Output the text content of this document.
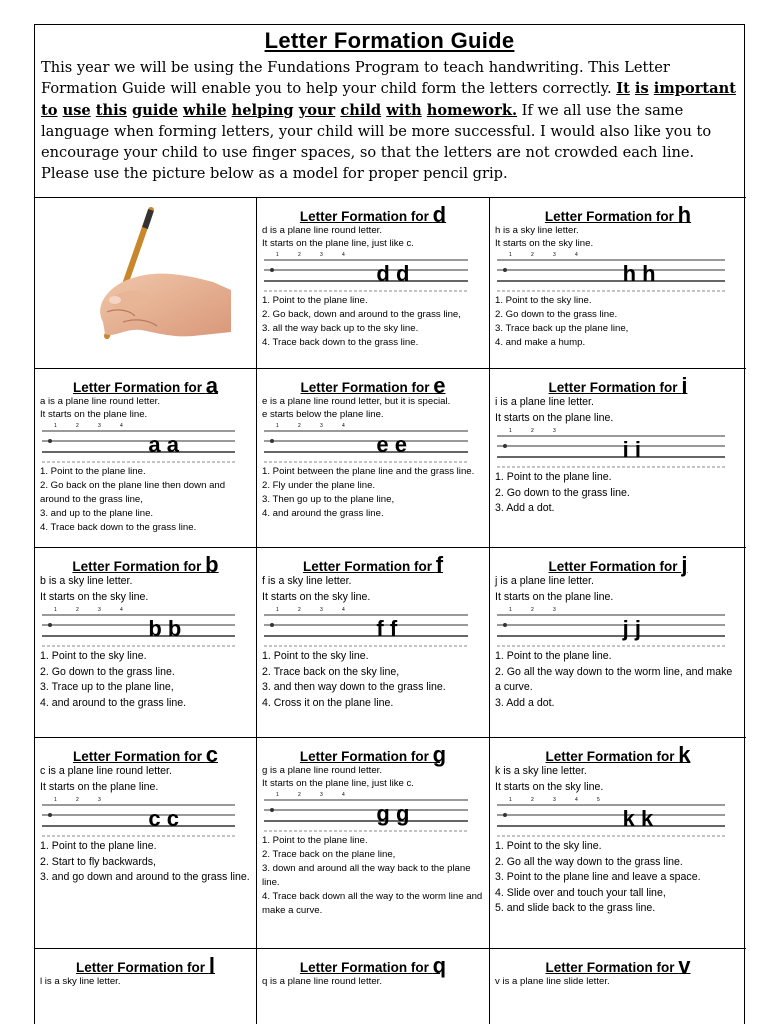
Letter Formation Guide
This year we will be using the Fundations Program to teach handwriting. This Letter Formation Guide will enable you to help your child form the letters correctly. It is important to use this guide while helping your child with homework. If we all use the same language when forming letters, your child will be more successful. I would also like you to encourage your child to use finger spaces, so that the letters are not crowded each line. Please use the picture below as a model for proper pencil grip.
Letter Formation for d
d is a plane line round letter.
It starts on the plane line, just like c.
1	2	3	4
d d
1. Point to the plane line.
2. Go back, down and around to the grass line,
3. all the way back up to the sky line.
4. Trace back down to the grass line.
Letter Formation for h
h is a sky line letter.
It starts on the sky line.
1	2	3	4
h h
1. Point to the sky line.
2. Go down to the grass line.
3. Trace back up the plane line,
4. and make a hump.
Letter Formation for a
a is a plane line round letter.
It starts on the plane line.
1	2	3	4
a a
1. Point to the plane line.
2. Go back on the plane line then down and around to the grass line,
3. and up to the plane line.
4. Trace back down to the grass line.
Letter Formation for e
e is a plane line round letter, but it is special.
e starts below the plane line.
1	2	3	4
e e
1. Point between the plane line and the grass line.
2. Fly under the plane line.
3. Then go up to the plane line,
4. and around the grass line.
Letter Formation for i
i is a plane line letter.
It starts on the plane line.
1	2	3
i i
1. Point to the plane line.
2. Go down to the grass line.
3. Add a dot.
Letter Formation for b
b is a sky line letter.
It starts on the sky line.
1	2	3	4
b b
1. Point to the sky line.
2. Go down to the grass line.
3. Trace up to the plane line,
4. and around to the grass line.
Letter Formation for f
f is a sky line letter.
It starts on the sky line.
1	2	3	4
f f
1. Point to the sky line.
2. Trace back on the sky line,
3. and then way down to the grass line.
4. Cross it on the plane line.
Letter Formation for j
j is a plane line letter.
It starts on the plane line.
1	2	3
j j
1. Point to the plane line.
2. Go all the way down to the worm line, and make a curve.
3. Add a dot.
Letter Formation for c
c is a plane line round letter.
It starts on the plane line.
1	2	3
c c
1. Point to the plane line.
2. Start to fly backwards,
3. and go down and around to the grass line.
Letter Formation for g
g is a plane line round letter.
It starts on the plane line, just like c.
1	2	3	4
g g
1. Point to the plane line.
2. Trace back on the plane line,
3. down and around all the way back to the plane line.
4. Trace back down all the way to the worm line and make a curve.
Letter Formation for k
k is a sky line letter.
It starts on the sky line.
1	2	3	4	5
k k
1. Point to the sky line.
2. Go all the way down to the grass line.
3. Point to the plane line and leave a space.
4. Slide over and touch your tall line,
5. and slide back to the grass line.
Letter Formation for l
l is a sky line letter.
Letter Formation for q
q is a plane line round letter.
Letter Formation for v
v is a plane line slide letter.
